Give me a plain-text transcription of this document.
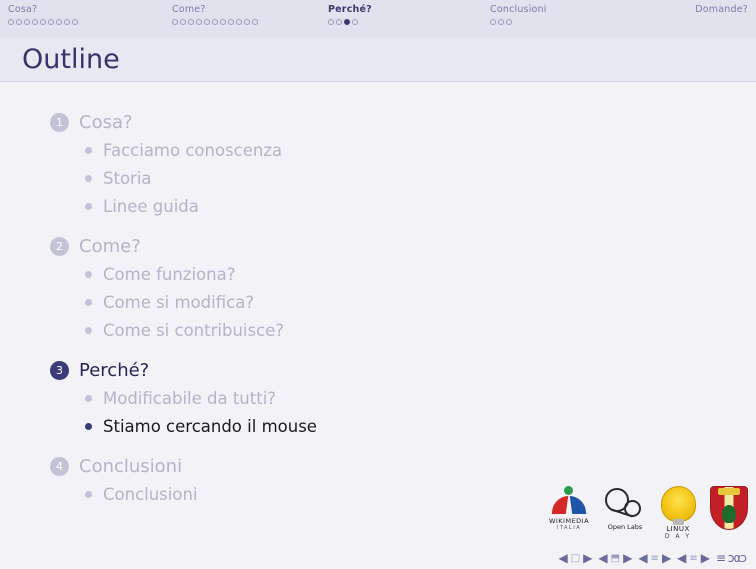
Cosa?	Come?	Perché?	Conclusioni	Domande?
Outline
1 Cosa?
Facciamo conoscenza
Storia
Linee guida
2 Come?
Come funziona?
Come si modifica?
Come si contribuisce?
3 Perché?
Modificabile da tutti?
Stiamo cercando il mouse
4 Conclusioni
Conclusioni
WIKIMEDIA
ITALIA	Open Labs	LINUX
D A Y
◀ □ ▶ ◀ ⬒ ▶ ◀ ≡ ▶ ◀ ≡ ▶ ≡ ɔαɔ
